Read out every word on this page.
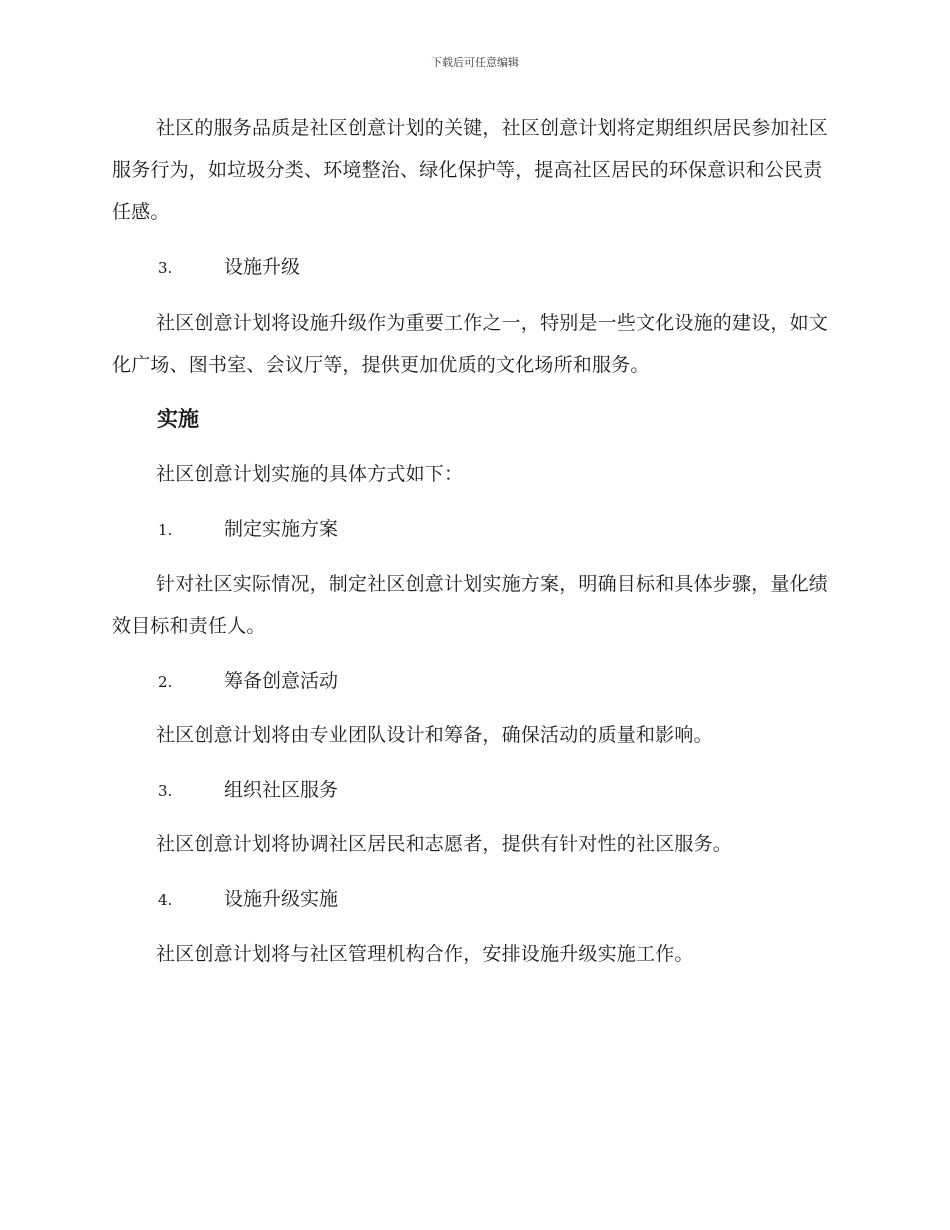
下载后可任意编辑
社区的服务品质是社区创意计划的关键，社区创意计划将定期组织居民参加社区服务行为，如垃圾分类、环境整治、绿化保护等，提高社区居民的环保意识和公民责任感。
3.	设施升级
社区创意计划将设施升级作为重要工作之一，特别是一些文化设施的建设，如文化广场、图书室、会议厅等，提供更加优质的文化场所和服务。
实施
社区创意计划实施的具体方式如下：
1.	制定实施方案
针对社区实际情况，制定社区创意计划实施方案，明确目标和具体步骤，量化绩效目标和责任人。
2.	筹备创意活动
社区创意计划将由专业团队设计和筹备，确保活动的质量和影响。
3.	组织社区服务
社区创意计划将协调社区居民和志愿者，提供有针对性的社区服务。
4.	设施升级实施
社区创意计划将与社区管理机构合作，安排设施升级实施工作。
